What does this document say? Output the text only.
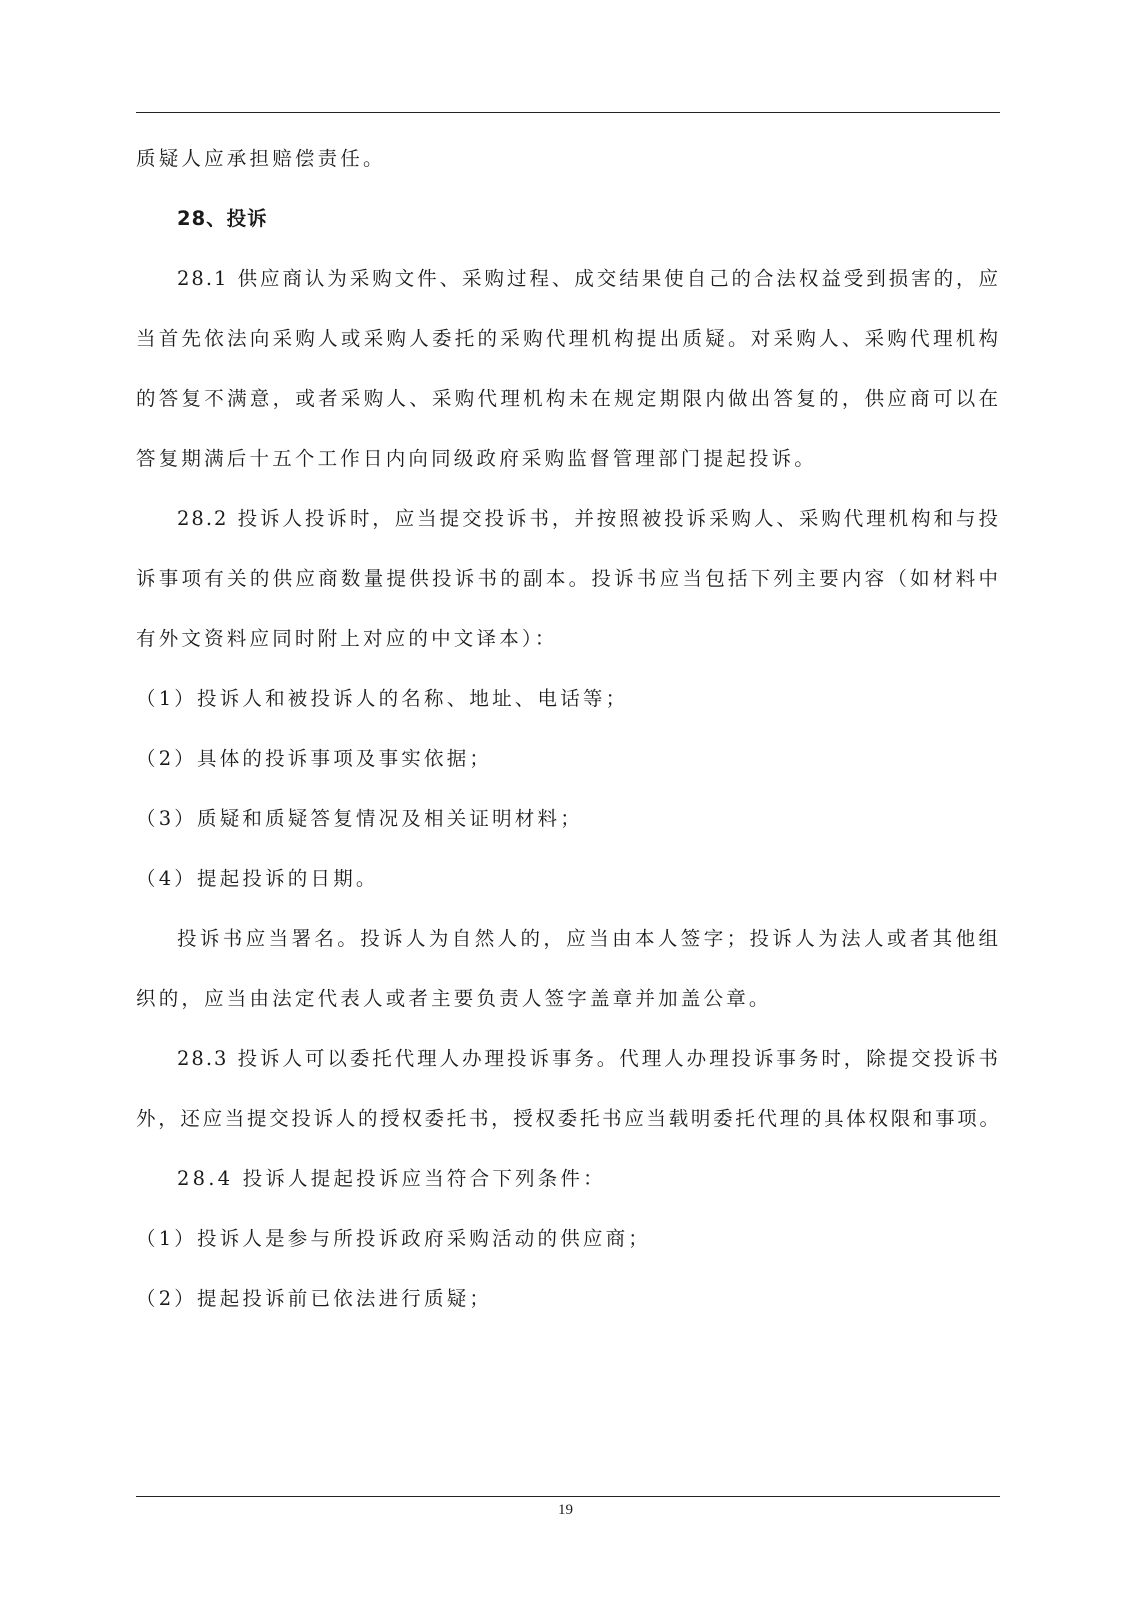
质疑人应承担赔偿责任。
28、投诉
28.1 供应商认为采购文件、采购过程、成交结果使自己的合法权益受到损害的，应
当首先依法向采购人或采购人委托的采购代理机构提出质疑。对采购人、采购代理机构
的答复不满意，或者采购人、采购代理机构未在规定期限内做出答复的，供应商可以在
答复期满后十五个工作日内向同级政府采购监督管理部门提起投诉。
28.2 投诉人投诉时，应当提交投诉书，并按照被投诉采购人、采购代理机构和与投
诉事项有关的供应商数量提供投诉书的副本。投诉书应当包括下列主要内容（如材料中
有外文资料应同时附上对应的中文译本）：
（1）投诉人和被投诉人的名称、地址、电话等；
（2）具体的投诉事项及事实依据；
（3）质疑和质疑答复情况及相关证明材料；
（4）提起投诉的日期。
投诉书应当署名。投诉人为自然人的，应当由本人签字；投诉人为法人或者其他组
织的，应当由法定代表人或者主要负责人签字盖章并加盖公章。
28.3 投诉人可以委托代理人办理投诉事务。代理人办理投诉事务时，除提交投诉书
外，还应当提交投诉人的授权委托书，授权委托书应当载明委托代理的具体权限和事项。
28.4 投诉人提起投诉应当符合下列条件：
（1）投诉人是参与所投诉政府采购活动的供应商；
（2）提起投诉前已依法进行质疑；
19
